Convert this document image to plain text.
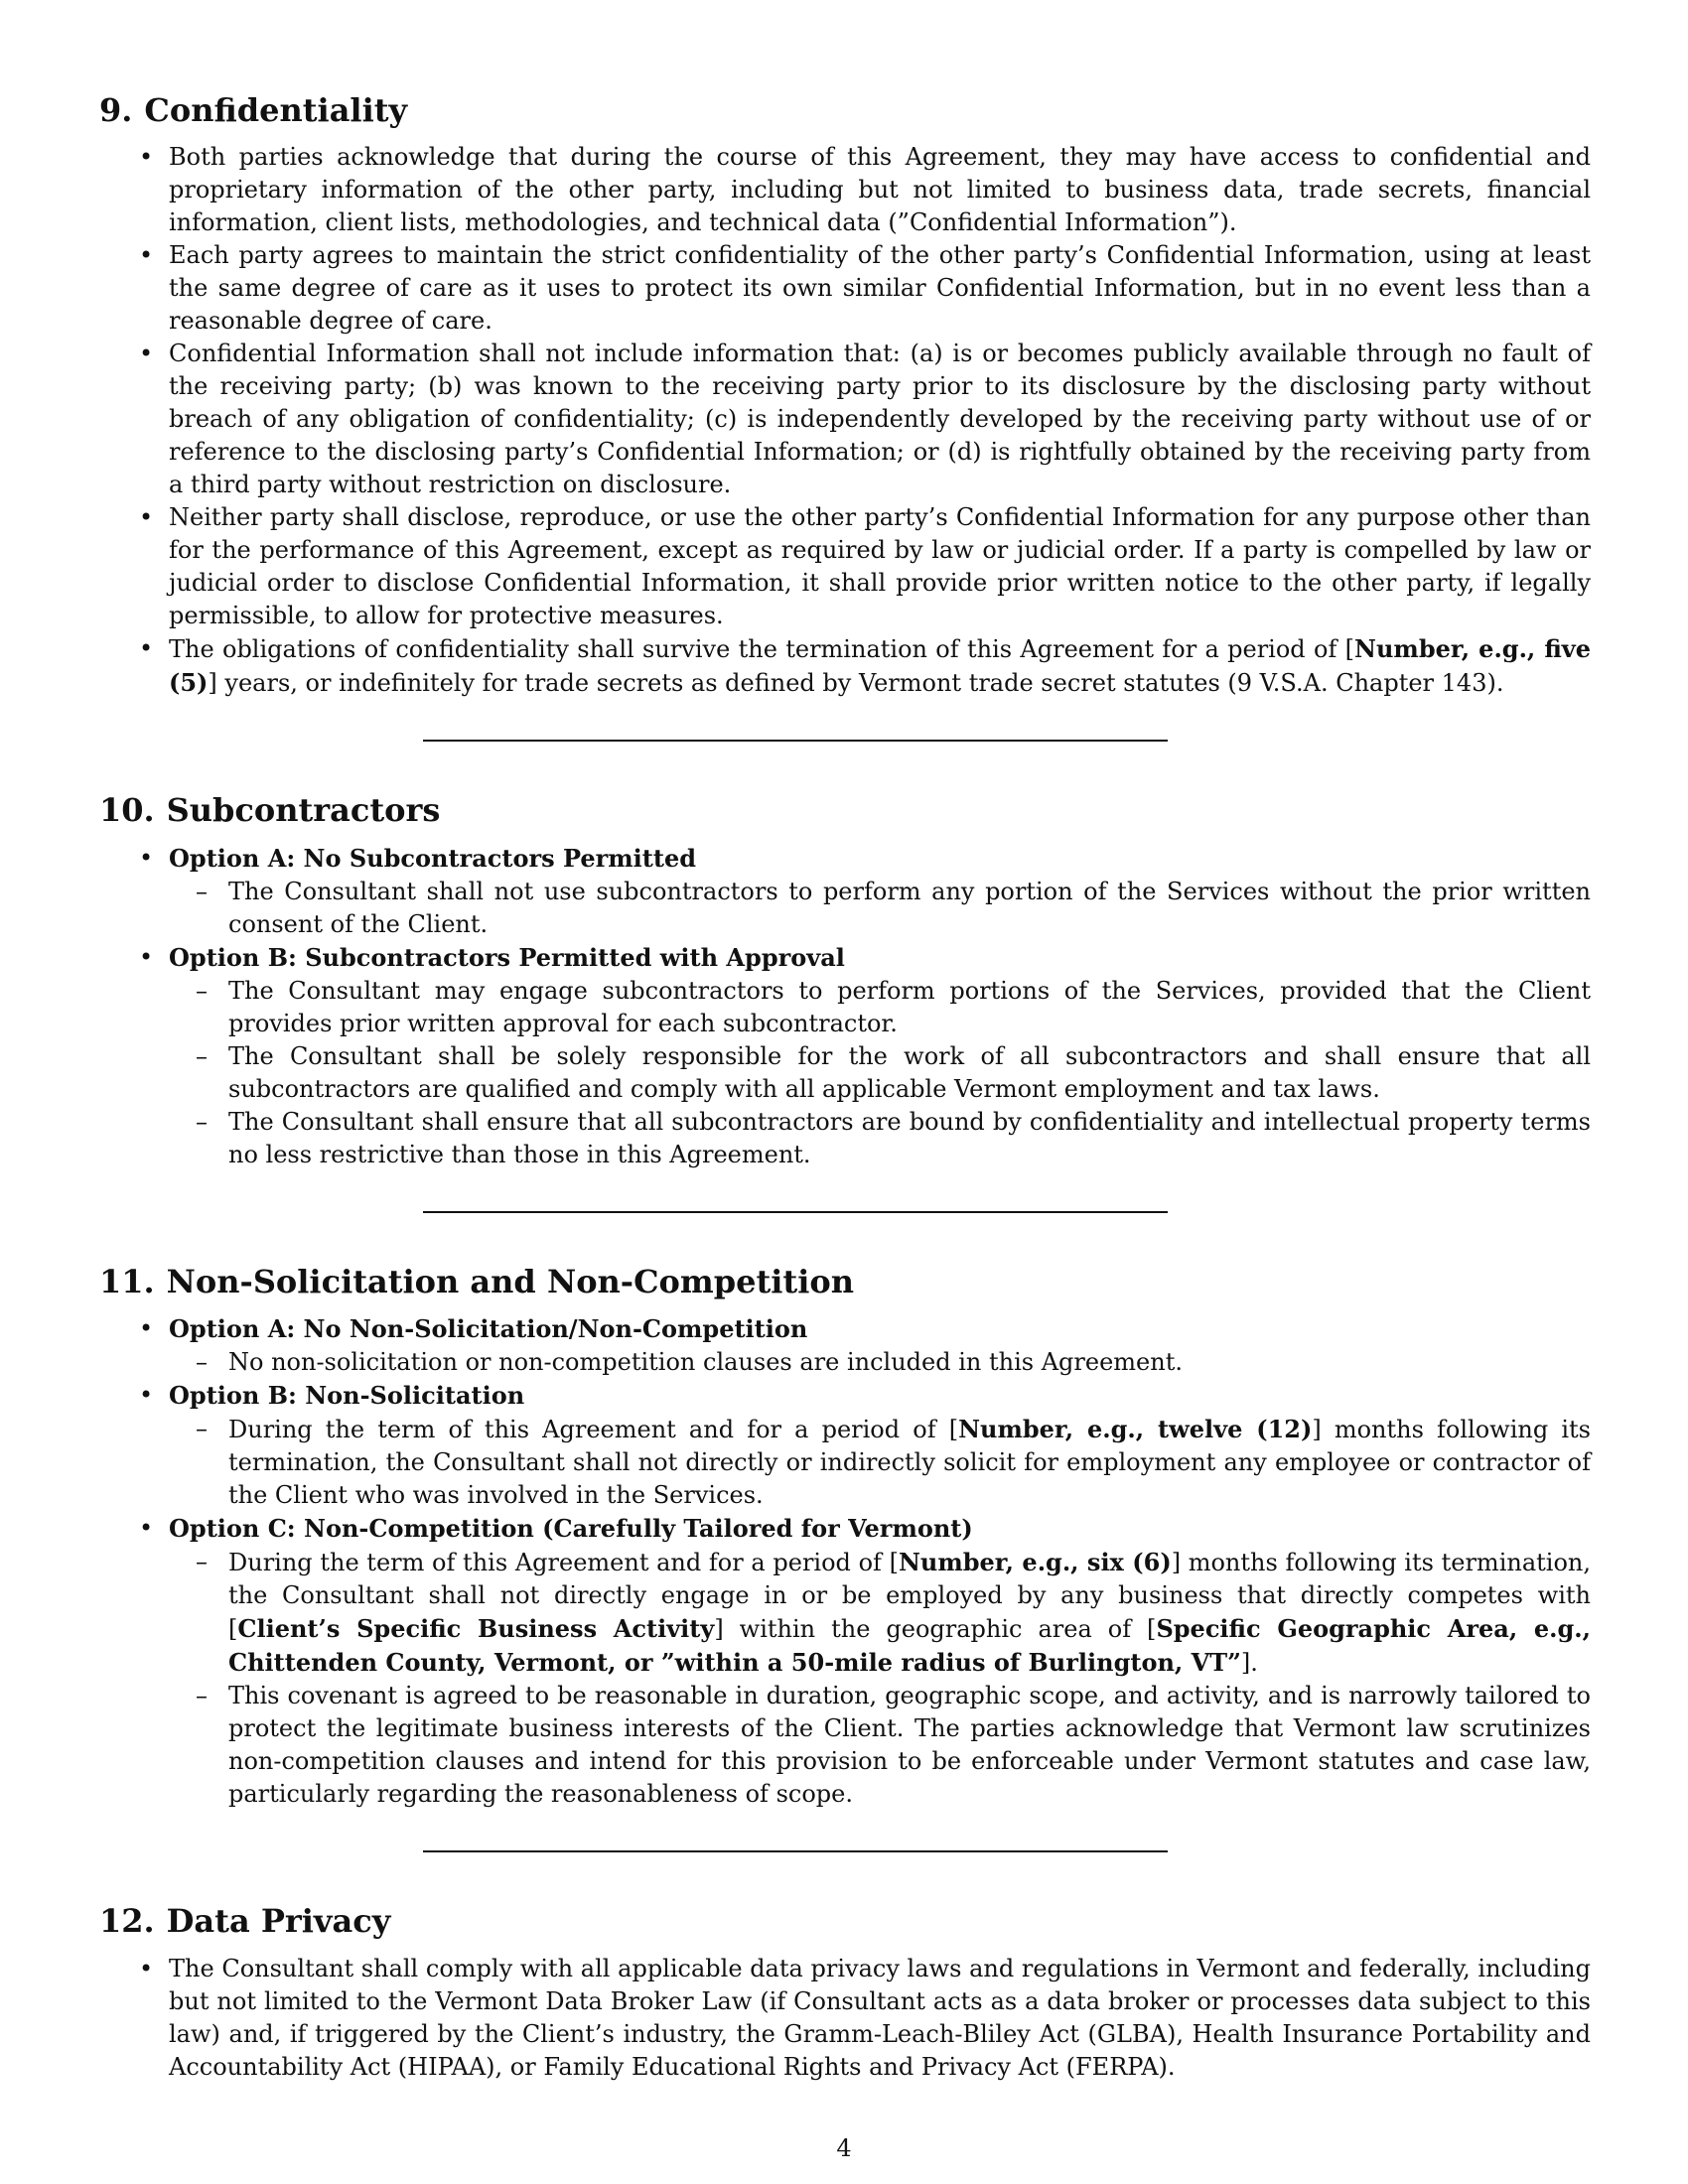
9. Confidentiality
• Both parties acknowledge that during the course of this Agreement, they may have access to confidential and proprietary information of the other party, including but not limited to business data, trade secrets, financial information, client lists, methodologies, and technical data (”Confidential Information”).
• Each party agrees to maintain the strict confidentiality of the other party’s Confidential Information, using at least the same degree of care as it uses to protect its own similar Confidential Information, but in no event less than a reasonable degree of care.
• Confidential Information shall not include information that: (a) is or becomes publicly available through no fault of the receiving party; (b) was known to the receiving party prior to its disclosure by the disclosing party without breach of any obligation of confidentiality; (c) is independently developed by the receiving party without use of or reference to the disclosing party’s Confidential Information; or (d) is rightfully obtained by the receiving party from a third party without restriction on disclosure.
• Neither party shall disclose, reproduce, or use the other party’s Confidential Information for any purpose other than for the performance of this Agreement, except as required by law or judicial order. If a party is compelled by law or judicial order to disclose Confidential Information, it shall provide prior written notice to the other party, if legally permissible, to allow for protective measures.
• The obligations of confidentiality shall survive the termination of this Agreement for a period of [Number, e.g., five (5)] years, or indefinitely for trade secrets as defined by Vermont trade secret statutes (9 V.S.A. Chapter 143).
10. Subcontractors
• Option A: No Subcontractors Permitted
– The Consultant shall not use subcontractors to perform any portion of the Services without the prior written consent of the Client.
• Option B: Subcontractors Permitted with Approval
– The Consultant may engage subcontractors to perform portions of the Services, provided that the Client provides prior written approval for each subcontractor.
– The Consultant shall be solely responsible for the work of all subcontractors and shall ensure that all subcontractors are qualified and comply with all applicable Vermont employment and tax laws.
– The Consultant shall ensure that all subcontractors are bound by confidentiality and intellectual property terms no less restrictive than those in this Agreement.
11. Non-Solicitation and Non-Competition
• Option A: No Non-Solicitation/Non-Competition
– No non-solicitation or non-competition clauses are included in this Agreement.
• Option B: Non-Solicitation
– During the term of this Agreement and for a period of [Number, e.g., twelve (12)] months following its termination, the Consultant shall not directly or indirectly solicit for employment any employee or contractor of the Client who was involved in the Services.
• Option C: Non-Competition (Carefully Tailored for Vermont)
– During the term of this Agreement and for a period of [Number, e.g., six (6)] months following its termination, the Consultant shall not directly engage in or be employed by any business that directly competes with [Client’s Specific Business Activity] within the geographic area of [Specific Geographic Area, e.g., Chittenden County, Vermont, or ”within a 50-mile radius of Burlington, VT”].
– This covenant is agreed to be reasonable in duration, geographic scope, and activity, and is narrowly tailored to protect the legitimate business interests of the Client. The parties acknowledge that Vermont law scrutinizes non-competition clauses and intend for this provision to be enforceable under Vermont statutes and case law, particularly regarding the reasonableness of scope.
12. Data Privacy
• The Consultant shall comply with all applicable data privacy laws and regulations in Vermont and federally, including but not limited to the Vermont Data Broker Law (if Consultant acts as a data broker or processes data subject to this law) and, if triggered by the Client’s industry, the Gramm-Leach-Bliley Act (GLBA), Health Insurance Portability and Accountability Act (HIPAA), or Family Educational Rights and Privacy Act (FERPA).
4
